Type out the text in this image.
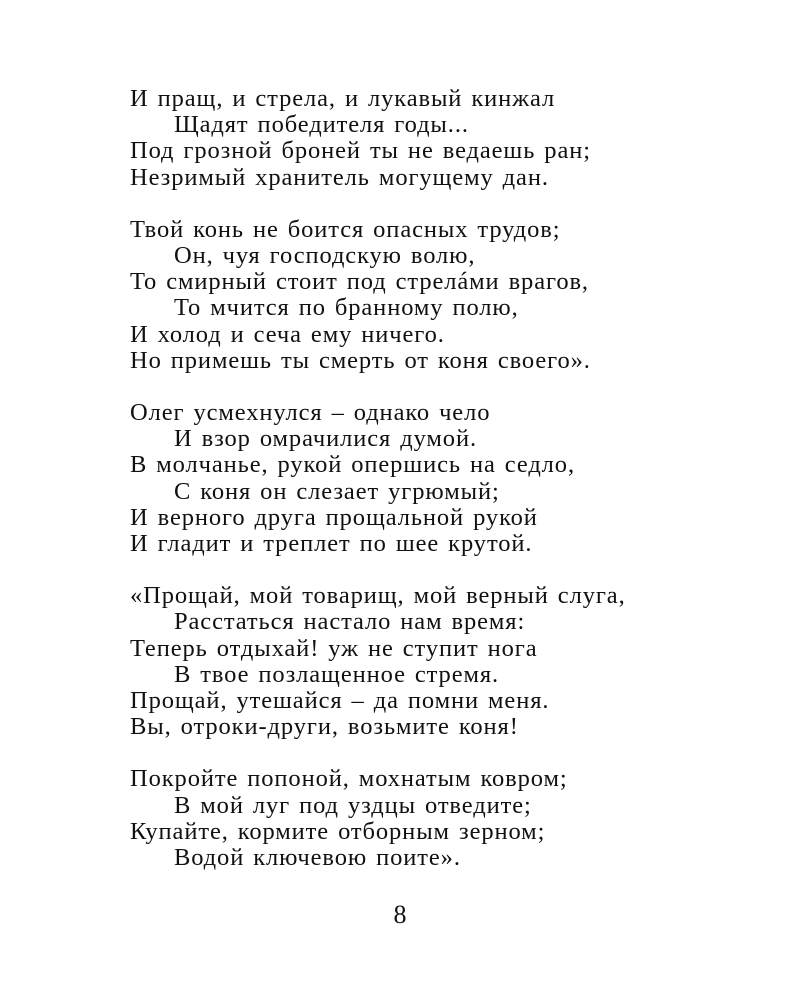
И пращ, и стрела, и лукавый кинжал
Щадят победителя годы...
Под грозной броней ты не ведаешь ран;
Незримый хранитель могущему дан.
Твой конь не боится опасных трудов;
Он, чуя господскую волю,
То смирный стоит под стрелáми врагов,
То мчится по бранному полю,
И холод и сеча ему ничего.
Но примешь ты смерть от коня своего».
Олег усмехнулся – однако чело
И взор омрачилися думой.
В молчанье, рукой опершись на седло,
С коня он слезает угрюмый;
И верного друга прощальной рукой
И гладит и треплет по шее крутой.
«Прощай, мой товарищ, мой верный слуга,
Расстаться настало нам время:
Теперь отдыхай! уж не ступит нога
В твое позлащенное стремя.
Прощай, утешайся – да помни меня.
Вы, отроки-други, возьмите коня!
Покройте попоной, мохнатым ковром;
В мой луг под уздцы отведите;
Купайте, кормите отборным зерном;
Водой ключевою поите».
8
